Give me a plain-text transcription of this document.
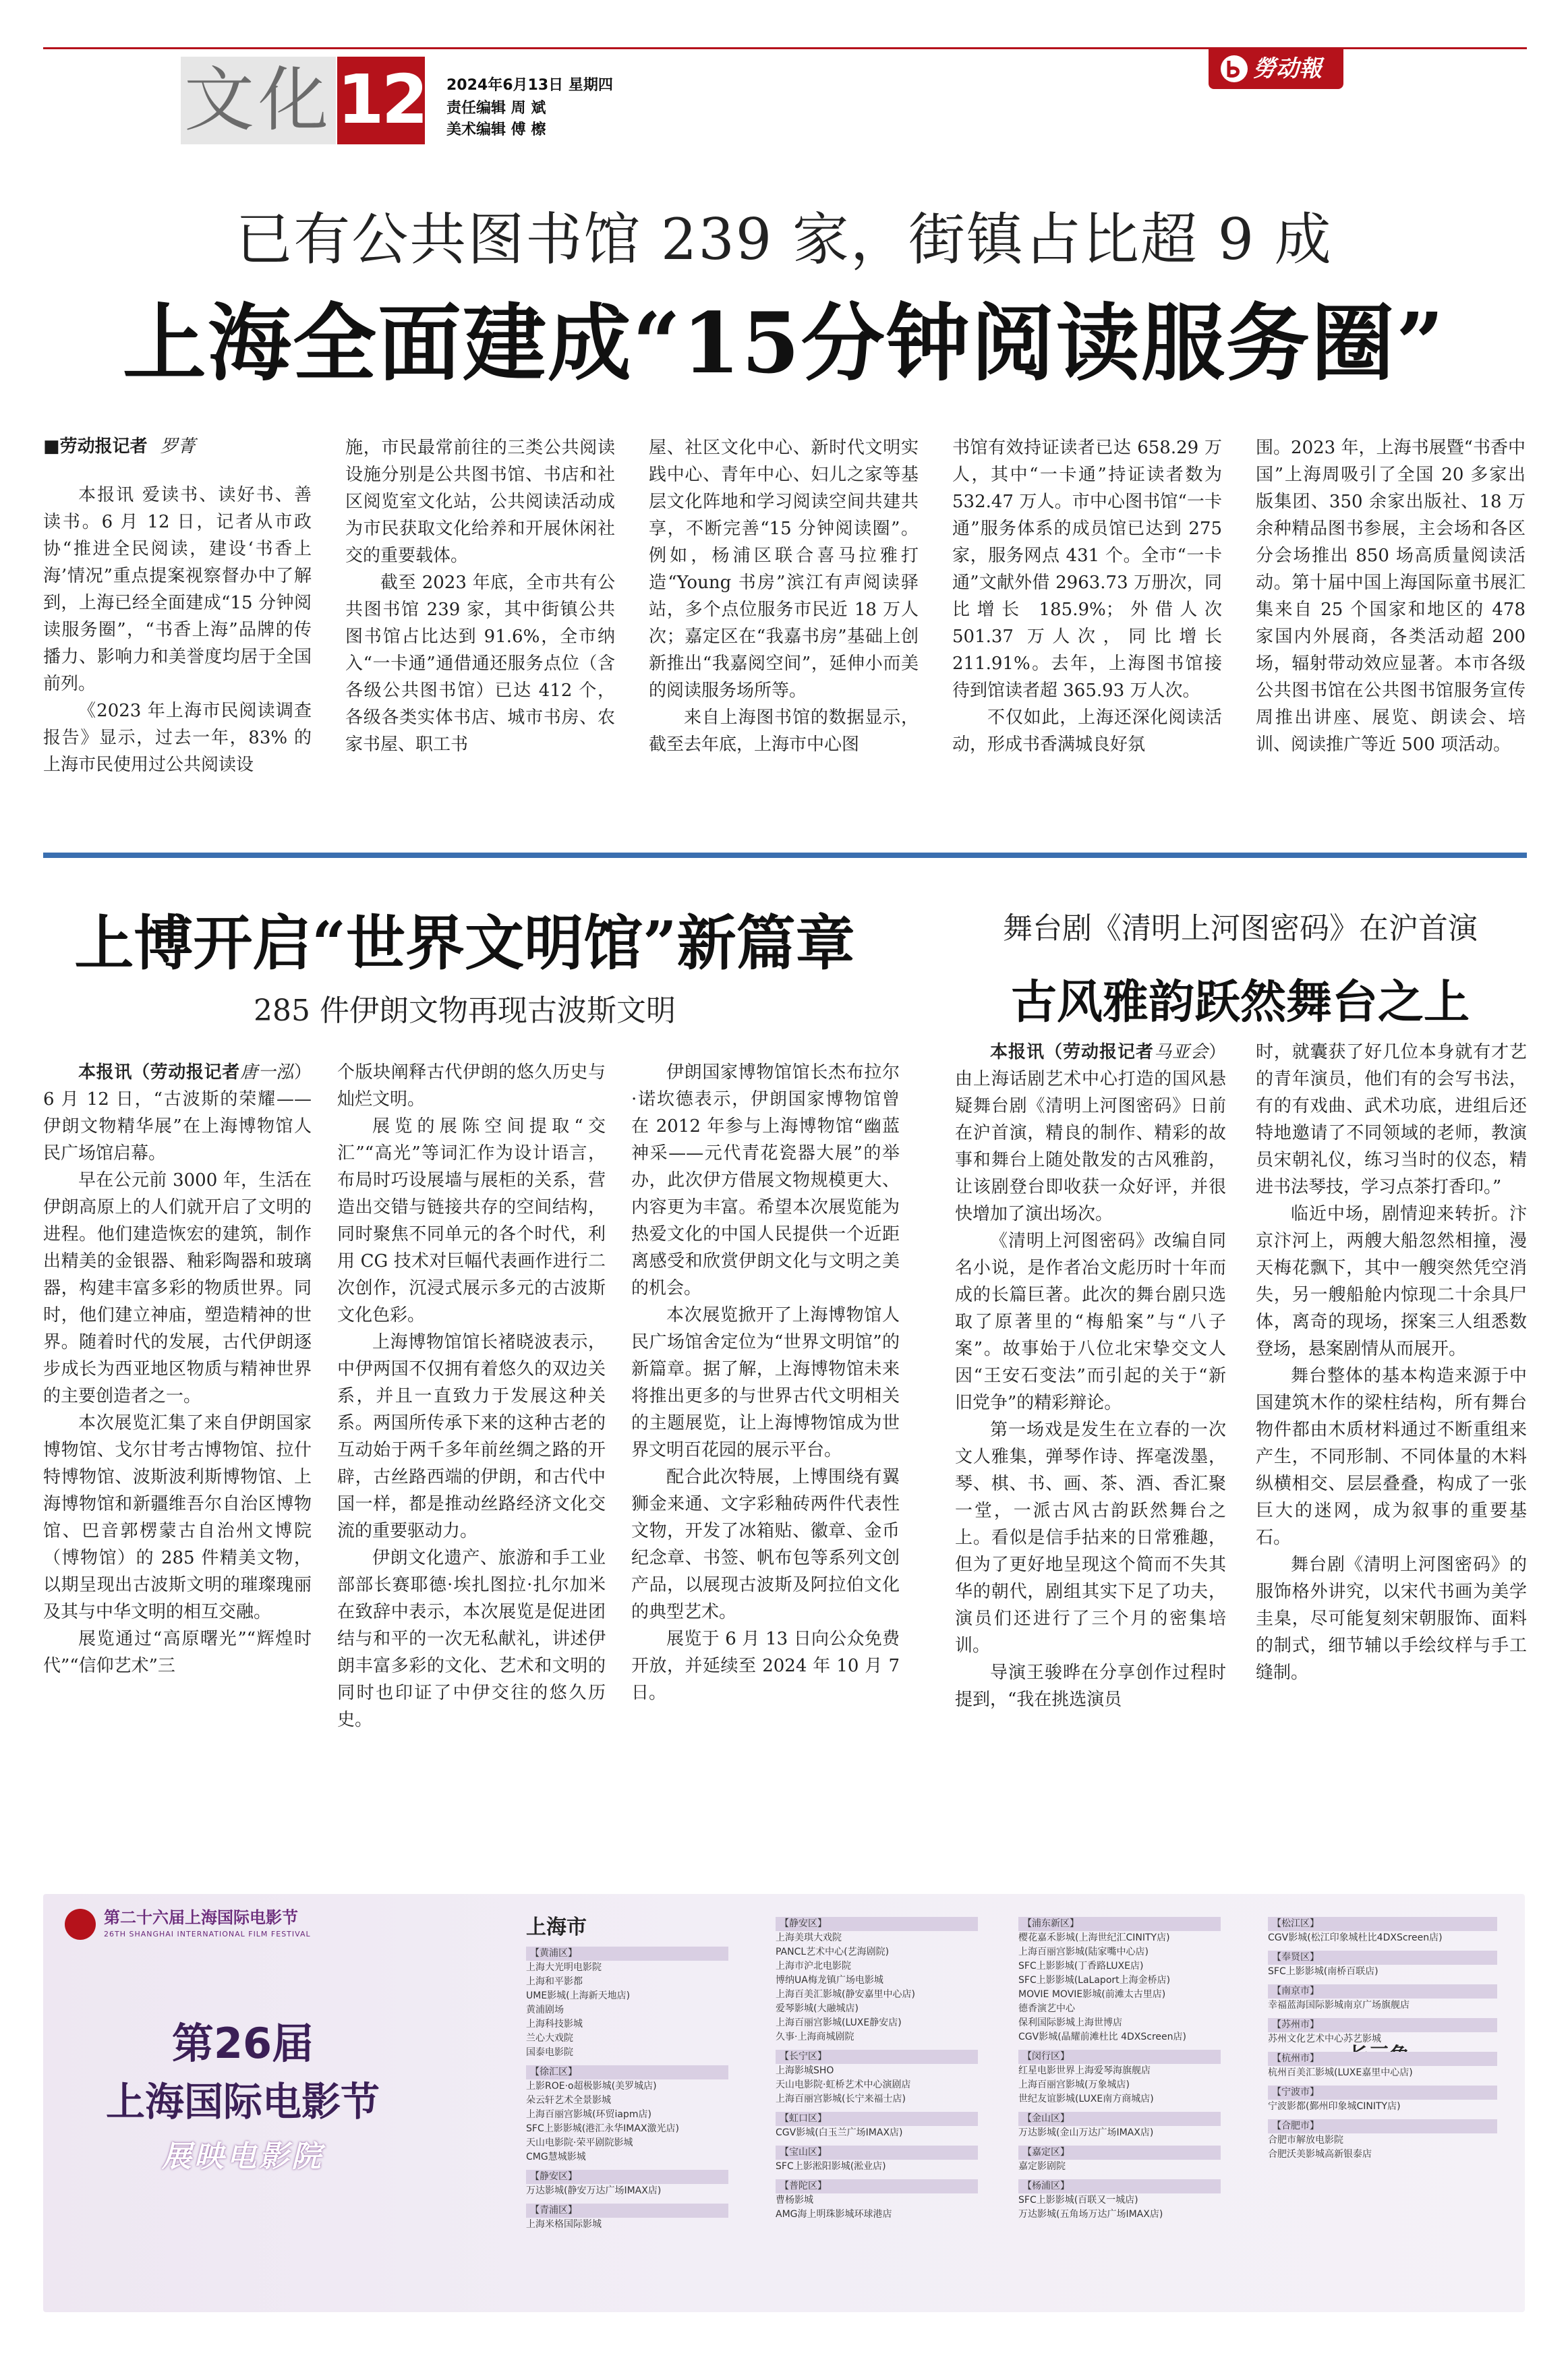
文化 12 2024年6月13日 星期四
责任编辑 周 斌
美术编辑 傅 檫
勞动報
已有公共图书馆 239 家，街镇占比超 9 成
上海全面建成“15分钟阅读服务圈”
■劳动报记者 罗菁

本报讯 爱读书、读好书、善读书。6 月 12 日，记者从市政协“推进全民阅读，建设‘书香上海’情况”重点提案视察督办中了解到，上海已经全面建成“15 分钟阅读服务圈”，“书香上海”品牌的传播力、影响力和美誉度均居于全国前列。

《2023 年上海市民阅读调查报告》显示，过去一年，83% 的上海市民使用过公共阅读设

施，市民最常前往的三类公共阅读设施分别是公共图书馆、书店和社区阅览室文化站，公共阅读活动成为市民获取文化给养和开展休闲社交的重要载体。

截至 2023 年底，全市共有公共图书馆 239 家，其中街镇公共图书馆占比达到 91.6%，全市纳入“一卡通”通借通还服务点位（含各级公共图书馆）已达 412 个，各级各类实体书店、城市书房、农家书屋、职工书

屋、社区文化中心、新时代文明实践中心、青年中心、妇儿之家等基层文化阵地和学习阅读空间共建共享，不断完善“15 分钟阅读圈”。例如，杨浦区联合喜马拉雅打造“Young 书房”滨江有声阅读驿站，多个点位服务市民近 18 万人次；嘉定区在“我嘉书房”基础上创新推出“我嘉阅空间”，延伸小而美的阅读服务场所等。

来自上海图书馆的数据显示，截至去年底，上海市中心图

书馆有效持证读者已达 658.29 万人，其中“一卡通”持证读者数为 532.47 万人。市中心图书馆“一卡通”服务体系的成员馆已达到 275 家，服务网点 431 个。全市“一卡通”文献外借 2963.73 万册次，同比增长 185.9%；外借人次 501.37 万人次，同比增长 211.91%。去年，上海图书馆接待到馆读者超 365.93 万人次。

不仅如此，上海还深化阅读活动，形成书香满城良好氛

围。2023 年，上海书展暨“书香中国”上海周吸引了全国 20 多家出版集团、350 余家出版社、18 万余种精品图书参展，主会场和各区分会场推出 850 场高质量阅读活动。第十届中国上海国际童书展汇集来自 25 个国家和地区的 478 家国内外展商，各类活动超 200 场，辐射带动效应显著。本市各级公共图书馆在公共图书馆服务宣传周推出讲座、展览、朗读会、培训、阅读推广等近 500 项活动。

上博开启“世界文明馆”新篇章
285 件伊朗文物再现古波斯文明

本报讯（劳动报记者唐一泓）6 月 12 日，“古波斯的荣耀——伊朗文物精华展”在上海博物馆人民广场馆启幕。

早在公元前 3000 年，生活在伊朗高原上的人们就开启了文明的进程。他们建造恢宏的建筑，制作出精美的金银器、釉彩陶器和玻璃器，构建丰富多彩的物质世界。同时，他们建立神庙，塑造精神的世界。随着时代的发展，古代伊朗逐步成长为西亚地区物质与精神世界的主要创造者之一。

本次展览汇集了来自伊朗国家博物馆、戈尔甘考古博物馆、拉什特博物馆、波斯波利斯博物馆、上海博物馆和新疆维吾尔自治区博物馆、巴音郭楞蒙古自治州文博院（博物馆）的 285 件精美文物，以期呈现出古波斯文明的璀璨瑰丽及其与中华文明的相互交融。

展览通过“高原曙光”“辉煌时代”“信仰艺术”三

个版块阐释古代伊朗的悠久历史与灿烂文明。

展览的展陈空间提取“交汇”“高光”等词汇作为设计语言，布局时巧设展墙与展柜的关系，营造出交错与链接共存的空间结构，同时聚焦不同单元的各个时代，利用 CG 技术对巨幅代表画作进行二次创作，沉浸式展示多元的古波斯文化色彩。

上海博物馆馆长褚晓波表示，中伊两国不仅拥有着悠久的双边关系，并且一直致力于发展这种关系。两国所传承下来的这种古老的互动始于两千多年前丝绸之路的开辟，古丝路西端的伊朗，和古代中国一样，都是推动丝路经济文化交流的重要驱动力。

伊朗文化遗产、旅游和手工业部部长赛耶德·埃扎图拉·扎尔加米在致辞中表示，本次展览是促进团结与和平的一次无私献礼，讲述伊朗丰富多彩的文化、艺术和文明的同时也印证了中伊交往的悠久历史。

伊朗国家博物馆馆长杰布拉尔·诺坎德表示，伊朗国家博物馆曾在 2012 年参与上海博物馆“幽蓝神采——元代青花瓷器大展”的举办，此次伊方借展文物规模更大、内容更为丰富。希望本次展览能为热爱文化的中国人民提供一个近距离感受和欣赏伊朗文化与文明之美的机会。

本次展览掀开了上海博物馆人民广场馆舍定位为“世界文明馆”的新篇章。据了解，上海博物馆未来将推出更多的与世界古代文明相关的主题展览，让上海博物馆成为世界文明百花园的展示平台。

配合此次特展，上博围绕有翼狮金来通、文字彩釉砖两件代表性文物，开发了冰箱贴、徽章、金币纪念章、书签、帆布包等系列文创产品，以展现古波斯及阿拉伯文化的典型艺术。

展览于 6 月 13 日向公众免费开放，并延续至 2024 年 10 月 7 日。

舞台剧《清明上河图密码》在沪首演
古风雅韵跃然舞台之上

本报讯（劳动报记者马亚会）由上海话剧艺术中心打造的国风悬疑舞台剧《清明上河图密码》日前在沪首演，精良的制作、精彩的故事和舞台上随处散发的古风雅韵，让该剧登台即收获一众好评，并很快增加了演出场次。

《清明上河图密码》改编自同名小说，是作者冶文彪历时十年而成的长篇巨著。此次的舞台剧只选取了原著里的“梅船案”与“八子案”。故事始于八位北宋挚交文人因“王安石变法”而引起的关于“新旧党争”的精彩辩论。

第一场戏是发生在立春的一次文人雅集，弹琴作诗、挥毫泼墨，琴、棋、书、画、茶、酒、香汇聚一堂，一派古风古韵跃然舞台之上。看似是信手拈来的日常雅趣，但为了更好地呈现这个简而不失其华的朝代，剧组其实下足了功夫，演员们还进行了三个月的密集培训。

导演王骏晔在分享创作过程时提到，“我在挑选演员

时，就囊获了好几位本身就有才艺的青年演员，他们有的会写书法，有的有戏曲、武术功底，进组后还特地邀请了不同领域的老师，教演员宋朝礼仪，练习当时的仪态，精进书法琴技，学习点茶打香印。”

临近中场，剧情迎来转折。汴京汴河上，两艘大船忽然相撞，漫天梅花飘下，其中一艘突然凭空消失，另一艘船舱内惊现二十余具尸体，离奇的现场，探案三人组悉数登场，悬案剧情从而展开。

舞台整体的基本构造来源于中国建筑木作的梁柱结构，所有舞台物件都由木质材料通过不断重组来产生，不同形制、不同体量的木料纵横相交、层层叠叠，构成了一张巨大的迷网，成为叙事的重要基石。

舞台剧《清明上河图密码》的服饰格外讲究，以宋代书画为美学圭臬，尽可能复刻宋朝服饰、面料的制式，细节辅以手绘纹样与手工缝制。

第二十六届上海国际电影节
26TH SHANGHAI INTERNATIONAL FILM FESTIVAL
第26届
上海国际电影节
展映电影院
上海市
【黄浦区】
上海大光明电影院
上海和平影都
UME影城(上海新天地店)
黄浦剧场
上海科技影城
兰心大戏院
国泰电影院
【徐汇区】
上影ROE·o超极影城(美罗城店)
朵云轩艺术全景影城
上海百丽宫影城(环贸iapm店)
SFC上影影城(港汇永华IMAX激光店)
天山电影院·荣平剧院影城
CMG慧城影城
【静安区】
万达影城(静安万达广场IMAX店)
【青浦区】
上海米格国际影城
【静安区】
上海美琪大戏院
PANCL艺术中心(艺海剧院)
上海市沪北电影院
博纳UA梅龙镇广场电影城
上海百美汇影城(静安嘉里中心店)
爱琴影城(大融城店)
上海百丽宫影城(LUXE静安店)
久事·上海商城剧院
【长宁区】
上海影城SHO
天山电影院·虹桥艺术中心演剧店
上海百丽宫影城(长宁来福士店)
【虹口区】
CGV影城(白玉兰广场IMAX店)
【宝山区】
SFC上影淞阳影城(淞业店)
【普陀区】
曹杨影城
AMG海上明珠影城环球港店
【浦东新区】
樱花嘉禾影城(上海世纪汇CINITY店)
上海百丽宫影城(陆家嘴中心店)
SFC上影影城(丁香路LUXE店)
SFC上影影城(LaLaport上海金桥店)
MOVIE MOVIE影城(前滩太古里店)
德香演艺中心
保利国际影城上海世博店
CGV影城(晶耀前滩杜比 4DXScreen店)
【闵行区】
红星电影世界上海爱琴海旗舰店
上海百丽宫影城(万象城店)
世纪友谊影城(LUXE南方商城店)
【金山区】
万达影城(金山万达广场IMAX店)
【嘉定区】
嘉定影剧院
【杨浦区】
SFC上影影城(百联又一城店)
万达影城(五角场万达广场IMAX店)
【松江区】
CGV影城(松江印象城杜比4DXScreen店)
【奉贤区】
SFC上影影城(南桥百联店)
【南京市】
幸福蓝海国际影城南京广场旗舰店
【苏州市】
苏州文化艺术中心苏艺影城
【杭州市】
杭州百美汇影城(LUXE嘉里中心店)
【宁波市】
宁波影都(鄞州印象城CINITY店)
【合肥市】
合肥市解放电影院
合肥沃美影城高新银泰店
